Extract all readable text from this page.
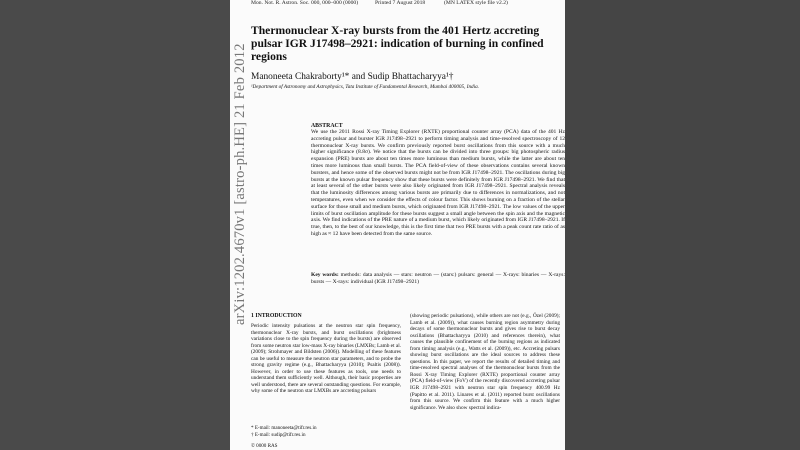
Mon. Not. R. Astron. Soc. 000, 000–000 (0000)	Printed 7 August 2018	(MN LATEX style file v2.2)
Thermonuclear X-ray bursts from the 401 Hertz accreting pulsar IGR J17498–2921: indication of burning in confined regions
Manoneeta Chakraborty¹* and Sudip Bhattacharyya¹†
¹Department of Astronomy and Astrophysics, Tata Institute of Fundamental Research, Mumbai 400005, India.
ABSTRACT

We use the 2011 Rossi X-ray Timing Explorer (RXTE) proportional counter array (PCA) data of the 401 Hz accreting pulsar and burster IGR J17498–2921 to perform timing analysis and time-resolved spectroscopy of 12 thermonuclear X-ray bursts. We confirm previously reported burst oscillations from this source with a much higher significance (8.8σ). We notice that the bursts can be divided into three groups: big photospheric radius expansion (PRE) bursts are about ten times more luminous than medium bursts, while the latter are about ten times more luminous than small bursts. The PCA field-of-view of these observations contains several known bursters, and hence some of the observed bursts might not be from IGR J17498–2921. The oscillations during big bursts at the known pulsar frequency show that these bursts were definitely from IGR J17498–2921. We find that at least several of the other bursts were also likely originated from IGR J17498–2921. Spectral analysis reveals that the luminosity differences among various bursts are primarily due to differences in normalizations, and not temperatures, even when we consider the effects of colour factor. This shows burning on a fraction of the stellar surface for those small and medium bursts, which originated from IGR J17498–2921. The low values of the upper limits of burst oscillation amplitude for these bursts suggest a small angle between the spin axis and the magnetic axis. We find indications of the PRE nature of a medium burst, which likely originated from IGR J17498–2921. If true, then, to the best of our knowledge, this is the first time that two PRE bursts with a peak count rate ratio of as high as ≈ 12 have been detected from the same source.

Key words: methods: data analysis — stars: neutron — (stars:) pulsars: general — X-rays: binaries — X-rays: bursts — X-rays: individual (IGR J17498–2921)

1 INTRODUCTION

Periodic intensity pulsations at the neutron star spin frequency, thermonuclear X-ray bursts, and burst oscillations (brightness variations close to the spin frequency during the bursts) are observed from some neutron star low-mass X-ray binaries (LMXBs; Lamb et al. (2009); Strohmayer and Bildsten (2006)). Modelling of these features can be useful to measure the neutron star parameters, and to probe the strong gravity regime (e.g., Bhattacharyya (2010); Psaltis (2008)). However, in order to use these features as tools, one needs to understand them sufficiently well. Although, their basic properties are well understood, there are several outstanding questions. For example, why some of the neutron star LMXBs are accreting pulsars

(showing periodic pulsations), while others are not (e.g., Özel (2009); Lamb et al. (2009)), what causes burning region asymmetry during decays of some thermonuclear bursts and gives rise to burst decay oscillations (Bhattacharyya (2010) and references therein), what causes the plausible confinement of the burning regions as indicated from timing analysis (e.g., Watts et al. (2009)), etc. Accreting pulsars showing burst oscillations are the ideal sources to address these questions. In this paper, we report the results of detailed timing and time-resolved spectral analyses of the thermonuclear bursts from the Rossi X-ray Timing Explorer (RXTE) proportional counter array (PCA) field-of-view (FoV) of the recently discovered accreting pulsar IGR J17498–2921 with neutron star spin frequency 400.99 Hz (Papitto et al. 2011). Linares et al. (2011) reported burst oscillations from this source. We confirm this feature with a much higher significance. We also show spectral indica-

* E-mail: manoneeta@tifr.res.in
† E-mail: sudip@tifr.res.in
© 0000 RAS
arXiv:1202.4670v1 [astro-ph.HE] 21 Feb 2012
